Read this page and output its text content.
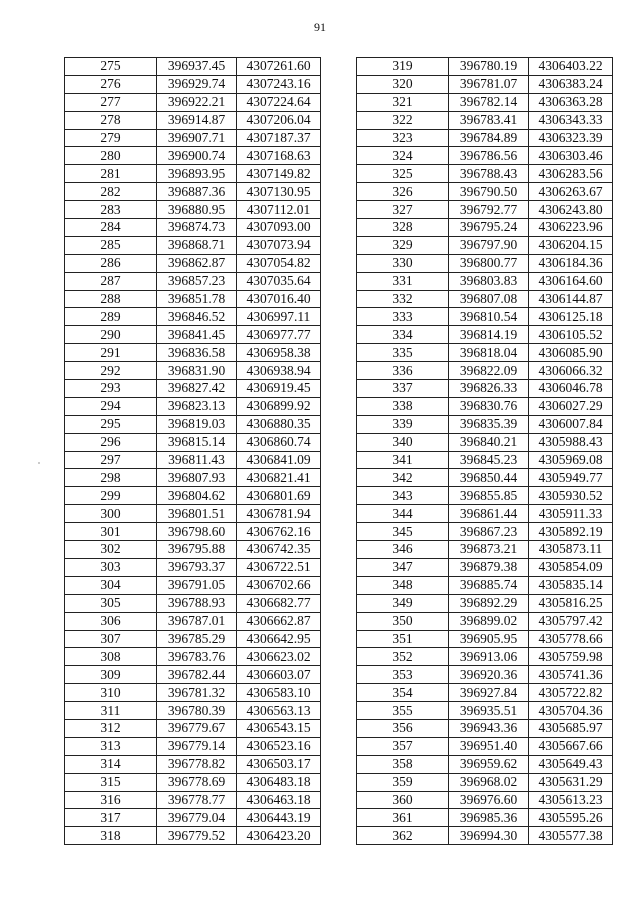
91
275	396937.45	4307261.60
276	396929.74	4307243.16
277	396922.21	4307224.64
278	396914.87	4307206.04
279	396907.71	4307187.37
280	396900.74	4307168.63
281	396893.95	4307149.82
282	396887.36	4307130.95
283	396880.95	4307112.01
284	396874.73	4307093.00
285	396868.71	4307073.94
286	396862.87	4307054.82
287	396857.23	4307035.64
288	396851.78	4307016.40
289	396846.52	4306997.11
290	396841.45	4306977.77
291	396836.58	4306958.38
292	396831.90	4306938.94
293	396827.42	4306919.45
294	396823.13	4306899.92
295	396819.03	4306880.35
296	396815.14	4306860.74
297	396811.43	4306841.09
298	396807.93	4306821.41
299	396804.62	4306801.69
300	396801.51	4306781.94
301	396798.60	4306762.16
302	396795.88	4306742.35
303	396793.37	4306722.51
304	396791.05	4306702.66
305	396788.93	4306682.77
306	396787.01	4306662.87
307	396785.29	4306642.95
308	396783.76	4306623.02
309	396782.44	4306603.07
310	396781.32	4306583.10
311	396780.39	4306563.13
312	396779.67	4306543.15
313	396779.14	4306523.16
314	396778.82	4306503.17
315	396778.69	4306483.18
316	396778.77	4306463.18
317	396779.04	4306443.19
318	396779.52	4306423.20
319	396780.19	4306403.22
320	396781.07	4306383.24
321	396782.14	4306363.28
322	396783.41	4306343.33
323	396784.89	4306323.39
324	396786.56	4306303.46
325	396788.43	4306283.56
326	396790.50	4306263.67
327	396792.77	4306243.80
328	396795.24	4306223.96
329	396797.90	4306204.15
330	396800.77	4306184.36
331	396803.83	4306164.60
332	396807.08	4306144.87
333	396810.54	4306125.18
334	396814.19	4306105.52
335	396818.04	4306085.90
336	396822.09	4306066.32
337	396826.33	4306046.78
338	396830.76	4306027.29
339	396835.39	4306007.84
340	396840.21	4305988.43
341	396845.23	4305969.08
342	396850.44	4305949.77
343	396855.85	4305930.52
344	396861.44	4305911.33
345	396867.23	4305892.19
346	396873.21	4305873.11
347	396879.38	4305854.09
348	396885.74	4305835.14
349	396892.29	4305816.25
350	396899.02	4305797.42
351	396905.95	4305778.66
352	396913.06	4305759.98
353	396920.36	4305741.36
354	396927.84	4305722.82
355	396935.51	4305704.36
356	396943.36	4305685.97
357	396951.40	4305667.66
358	396959.62	4305649.43
359	396968.02	4305631.29
360	396976.60	4305613.23
361	396985.36	4305595.26
362	396994.30	4305577.38
